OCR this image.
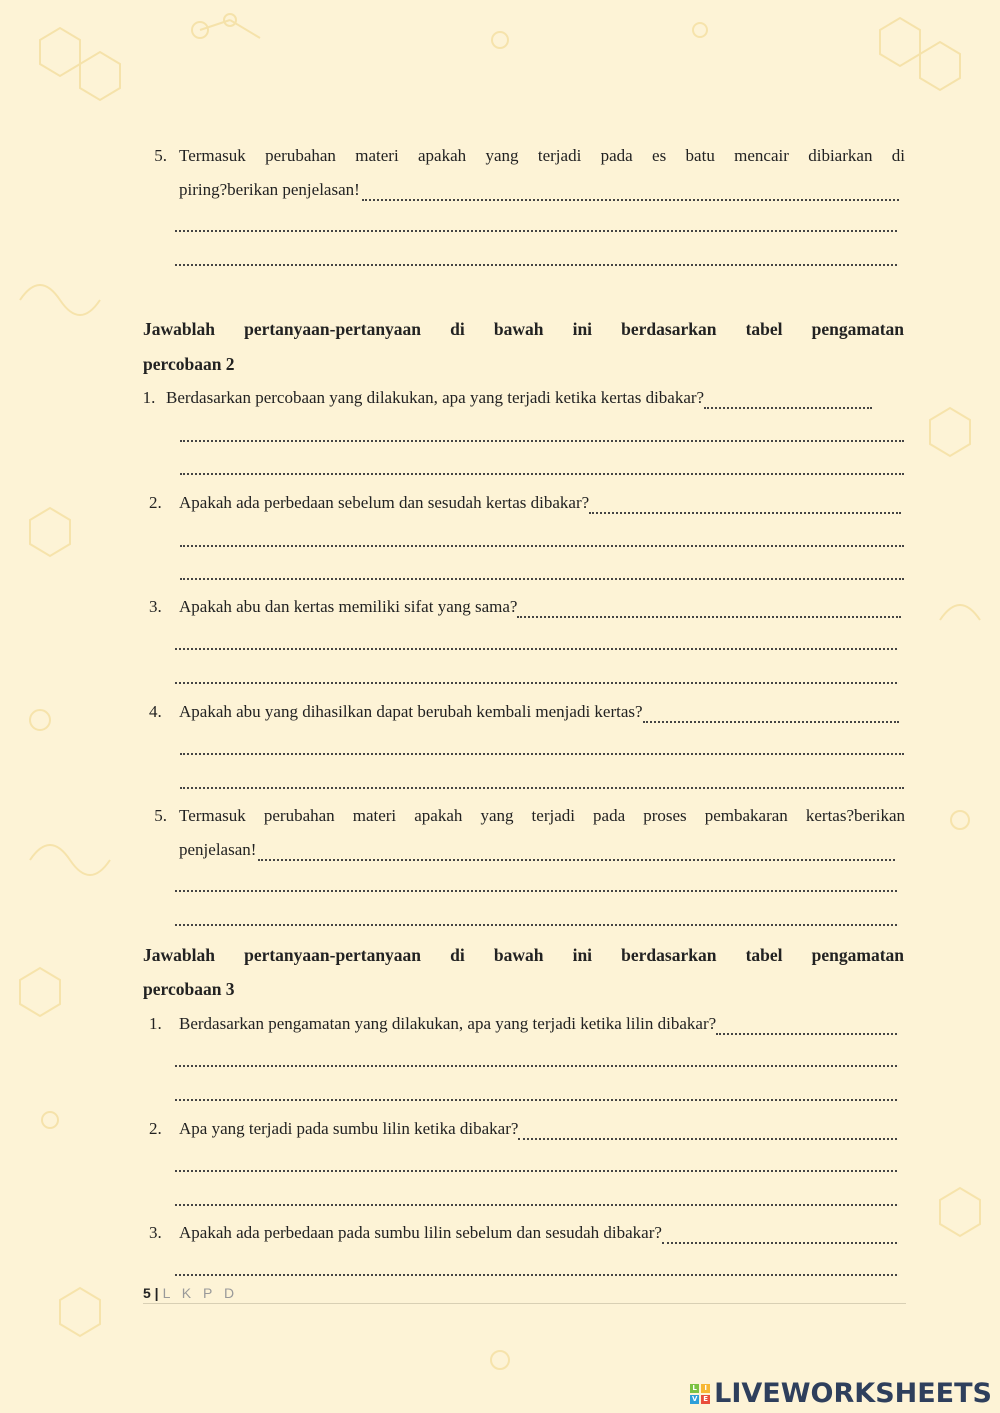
5. Termasuk perubahan materi apakah yang terjadi pada es batu mencair dibiarkan di
piring?berikan penjelasan!
Jawablah pertanyaan-pertanyaan di bawah ini berdasarkan tabel pengamatan
percobaan 2
1. Berdasarkan percobaan yang dilakukan, apa yang terjadi ketika kertas dibakar?
2.	Apakah ada perbedaan sebelum dan sesudah kertas dibakar?
3.	Apakah abu dan kertas memiliki sifat yang sama?
4.	Apakah abu yang dihasilkan dapat berubah kembali menjadi kertas?
5. Termasuk perubahan materi apakah yang terjadi pada proses pembakaran kertas?berikan
penjelasan!
Jawablah pertanyaan-pertanyaan di bawah ini berdasarkan tabel pengamatan
percobaan 3
1.	Berdasarkan pengamatan yang dilakukan, apa yang terjadi ketika lilin dibakar?
2.	Apa yang terjadi pada sumbu lilin ketika dibakar?
3.	Apakah ada perbedaan pada sumbu lilin sebelum dan sesudah dibakar?
5 | L K P D
L	I
V E LIVEWORKSHEETS
